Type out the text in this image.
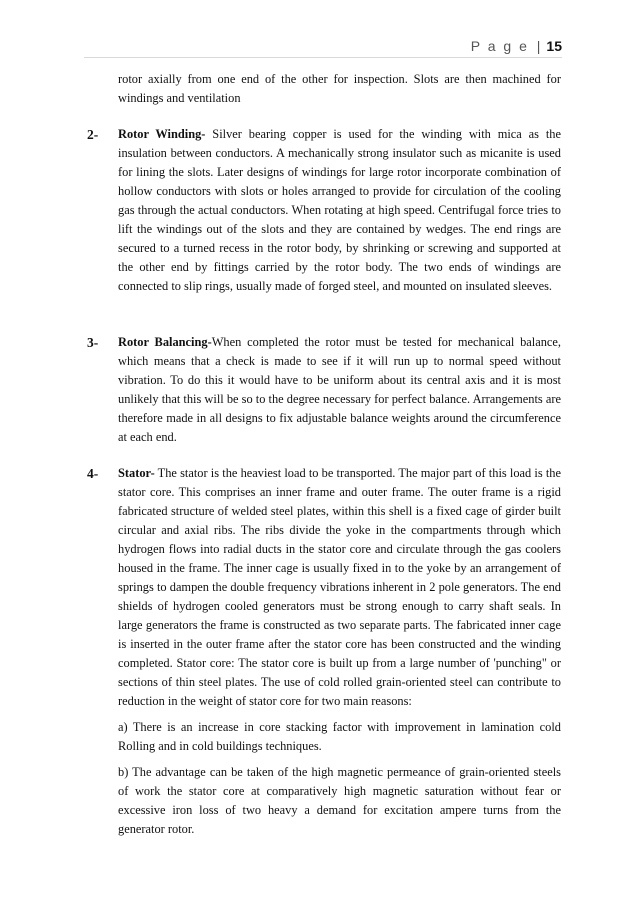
P a g e | 15

rotor axially from one end of the other for inspection. Slots are then machined for windings and ventilation

2- Rotor Winding- Silver bearing copper is used for the winding with mica as the insulation between conductors. A mechanically strong insulator such as micanite is used for lining the slots. Later designs of windings for large rotor incorporate combination of hollow conductors with slots or holes arranged to provide for circulation of the cooling gas through the actual conductors. When rotating at high speed. Centrifugal force tries to lift the windings out of the slots and they are contained by wedges. The end rings are secured to a turned recess in the rotor body, by shrinking or screwing and supported at the other end by fittings carried by the rotor body. The two ends of windings are connected to slip rings, usually made of forged steel, and mounted on insulated sleeves.

3- Rotor Balancing-When completed the rotor must be tested for mechanical balance, which means that a check is made to see if it will run up to normal speed without vibration. To do this it would have to be uniform about its central axis and it is most unlikely that this will be so to the degree necessary for perfect balance. Arrangements are therefore made in all designs to fix adjustable balance weights around the circumference at each end.

4- Stator- The stator is the heaviest load to be transported. The major part of this load is the stator core. This comprises an inner frame and outer frame. The outer frame is a rigid fabricated structure of welded steel plates, within this shell is a fixed cage of girder built circular and axial ribs. The ribs divide the yoke in the compartments through which hydrogen flows into radial ducts in the stator core and circulate through the gas coolers housed in the frame. The inner cage is usually fixed in to the yoke by an arrangement of springs to dampen the double frequency vibrations inherent in 2 pole generators. The end shields of hydrogen cooled generators must be strong enough to carry shaft seals. In large generators the frame is constructed as two separate parts. The fabricated inner cage is inserted in the outer frame after the stator core has been constructed and the winding completed. Stator core: The stator core is built up from a large number of 'punching" or sections of thin steel plates. The use of cold rolled grain-oriented steel can contribute to reduction in the weight of stator core for two main reasons:

a) There is an increase in core stacking factor with improvement in lamination cold Rolling and in cold buildings techniques.

b) The advantage can be taken of the high magnetic permeance of grain-oriented steels of work the stator core at comparatively high magnetic saturation without fear or excessive iron loss of two heavy a demand for excitation ampere turns from the generator rotor.
